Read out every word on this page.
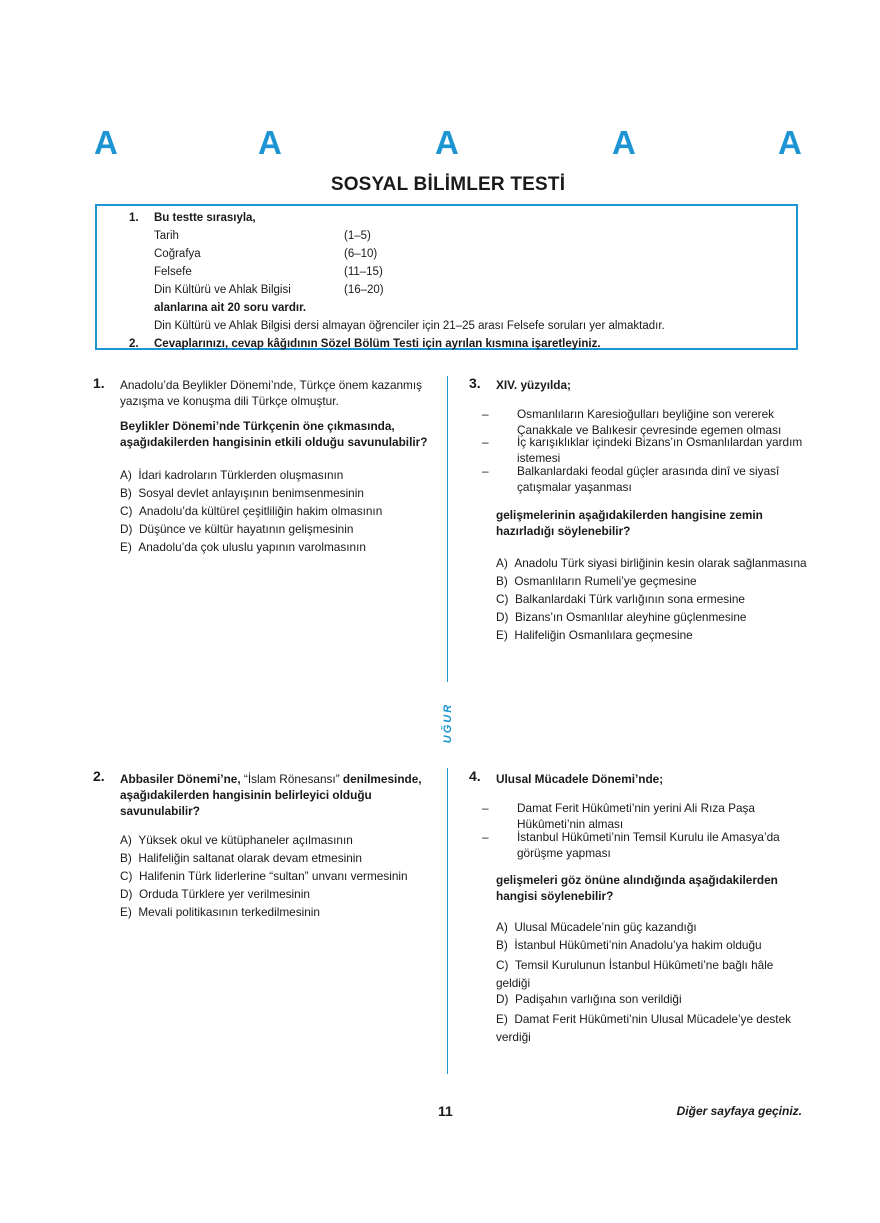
A	A	A	A	A
SOSYAL BİLİMLER TESTİ
1. Bu testte sırasıyla,
Tarih	(1–5)
Coğrafya	(6–10)
Felsefe	(11–15)
Din Kültürü ve Ahlak Bilgisi	(16–20)
alanlarına ait 20 soru vardır.
Din Kültürü ve Ahlak Bilgisi dersi almayan öğrenciler için 21–25 arası Felsefe soruları yer almaktadır.
2. Cevaplarınızı, cevap kâğıdının Sözel Bölüm Testi için ayrılan kısmına işaretleyiniz.
UĞUR
1. Anadolu’da Beylikler Dönemi’nde, Türkçe önem kazanmış yazışma ve konuşma dili Türkçe olmuştur.
Beylikler Dönemi’nde Türkçenin öne çıkmasında, aşağıdakilerden hangisinin etkili olduğu savunulabilir?
A)  İdari kadroların Türklerden oluşmasının
B)  Sosyal devlet anlayışının benimsenmesinin
C)  Anadolu’da kültürel çeşitliliğin hakim olmasının
D)  Düşünce ve kültür hayatının gelişmesinin
E)  Anadolu’da çok uluslu yapının varolmasının
3. XIV. yüzyılda;
– Osmanlıların Karesioğulları beyliğine son vererek Çanakkale ve Balıkesir çevresinde egemen olması
– İç karışıklıklar içindeki Bizans’ın Osmanlılardan yardım istemesi
– Balkanlardaki feodal güçler arasında dinî ve siyasî çatışmalar yaşanması
gelişmelerinin aşağıdakilerden hangisine zemin hazırladığı söylenebilir?
A)  Anadolu Türk siyasi birliğinin kesin olarak sağlanmasına
B)  Osmanlıların Rumeli’ye geçmesine
C)  Balkanlardaki Türk varlığının sona ermesine
D)  Bizans’ın Osmanlılar aleyhine güçlenmesine
E)  Halifeliğin Osmanlılara geçmesine
2. Abbasiler Dönemi’ne, “İslam Rönesansı” denilmesinde, aşağıdakilerden hangisinin belirleyici olduğu savunulabilir?
A)  Yüksek okul ve kütüphaneler açılmasının
B)  Halifeliğin saltanat olarak devam etmesinin
C)  Halifenin Türk liderlerine “sultan” unvanı vermesinin
D)  Orduda Türklere yer verilmesinin
E)  Mevali politikasının terkedilmesinin
4. Ulusal Mücadele Dönemi’nde;
– Damat Ferit Hükûmeti’nin yerini Ali Rıza Paşa Hükûmeti’nin alması
– İstanbul Hükûmeti’nin Temsil Kurulu ile Amasya’da görüşme yapması
gelişmeleri göz önüne alındığında aşağıdakilerden hangisi söylenebilir?
A)  Ulusal Mücadele’nin güç kazandığı
B)  İstanbul Hükûmeti’nin Anadolu’ya hakim olduğu
C)  Temsil Kurulunun İstanbul Hükûmeti’ne bağlı hâle geldiği
D)  Padişahın varlığına son verildiği
E)  Damat Ferit Hükûmeti’nin Ulusal Mücadele’ye destek verdiği
11	Diğer sayfaya geçiniz.
